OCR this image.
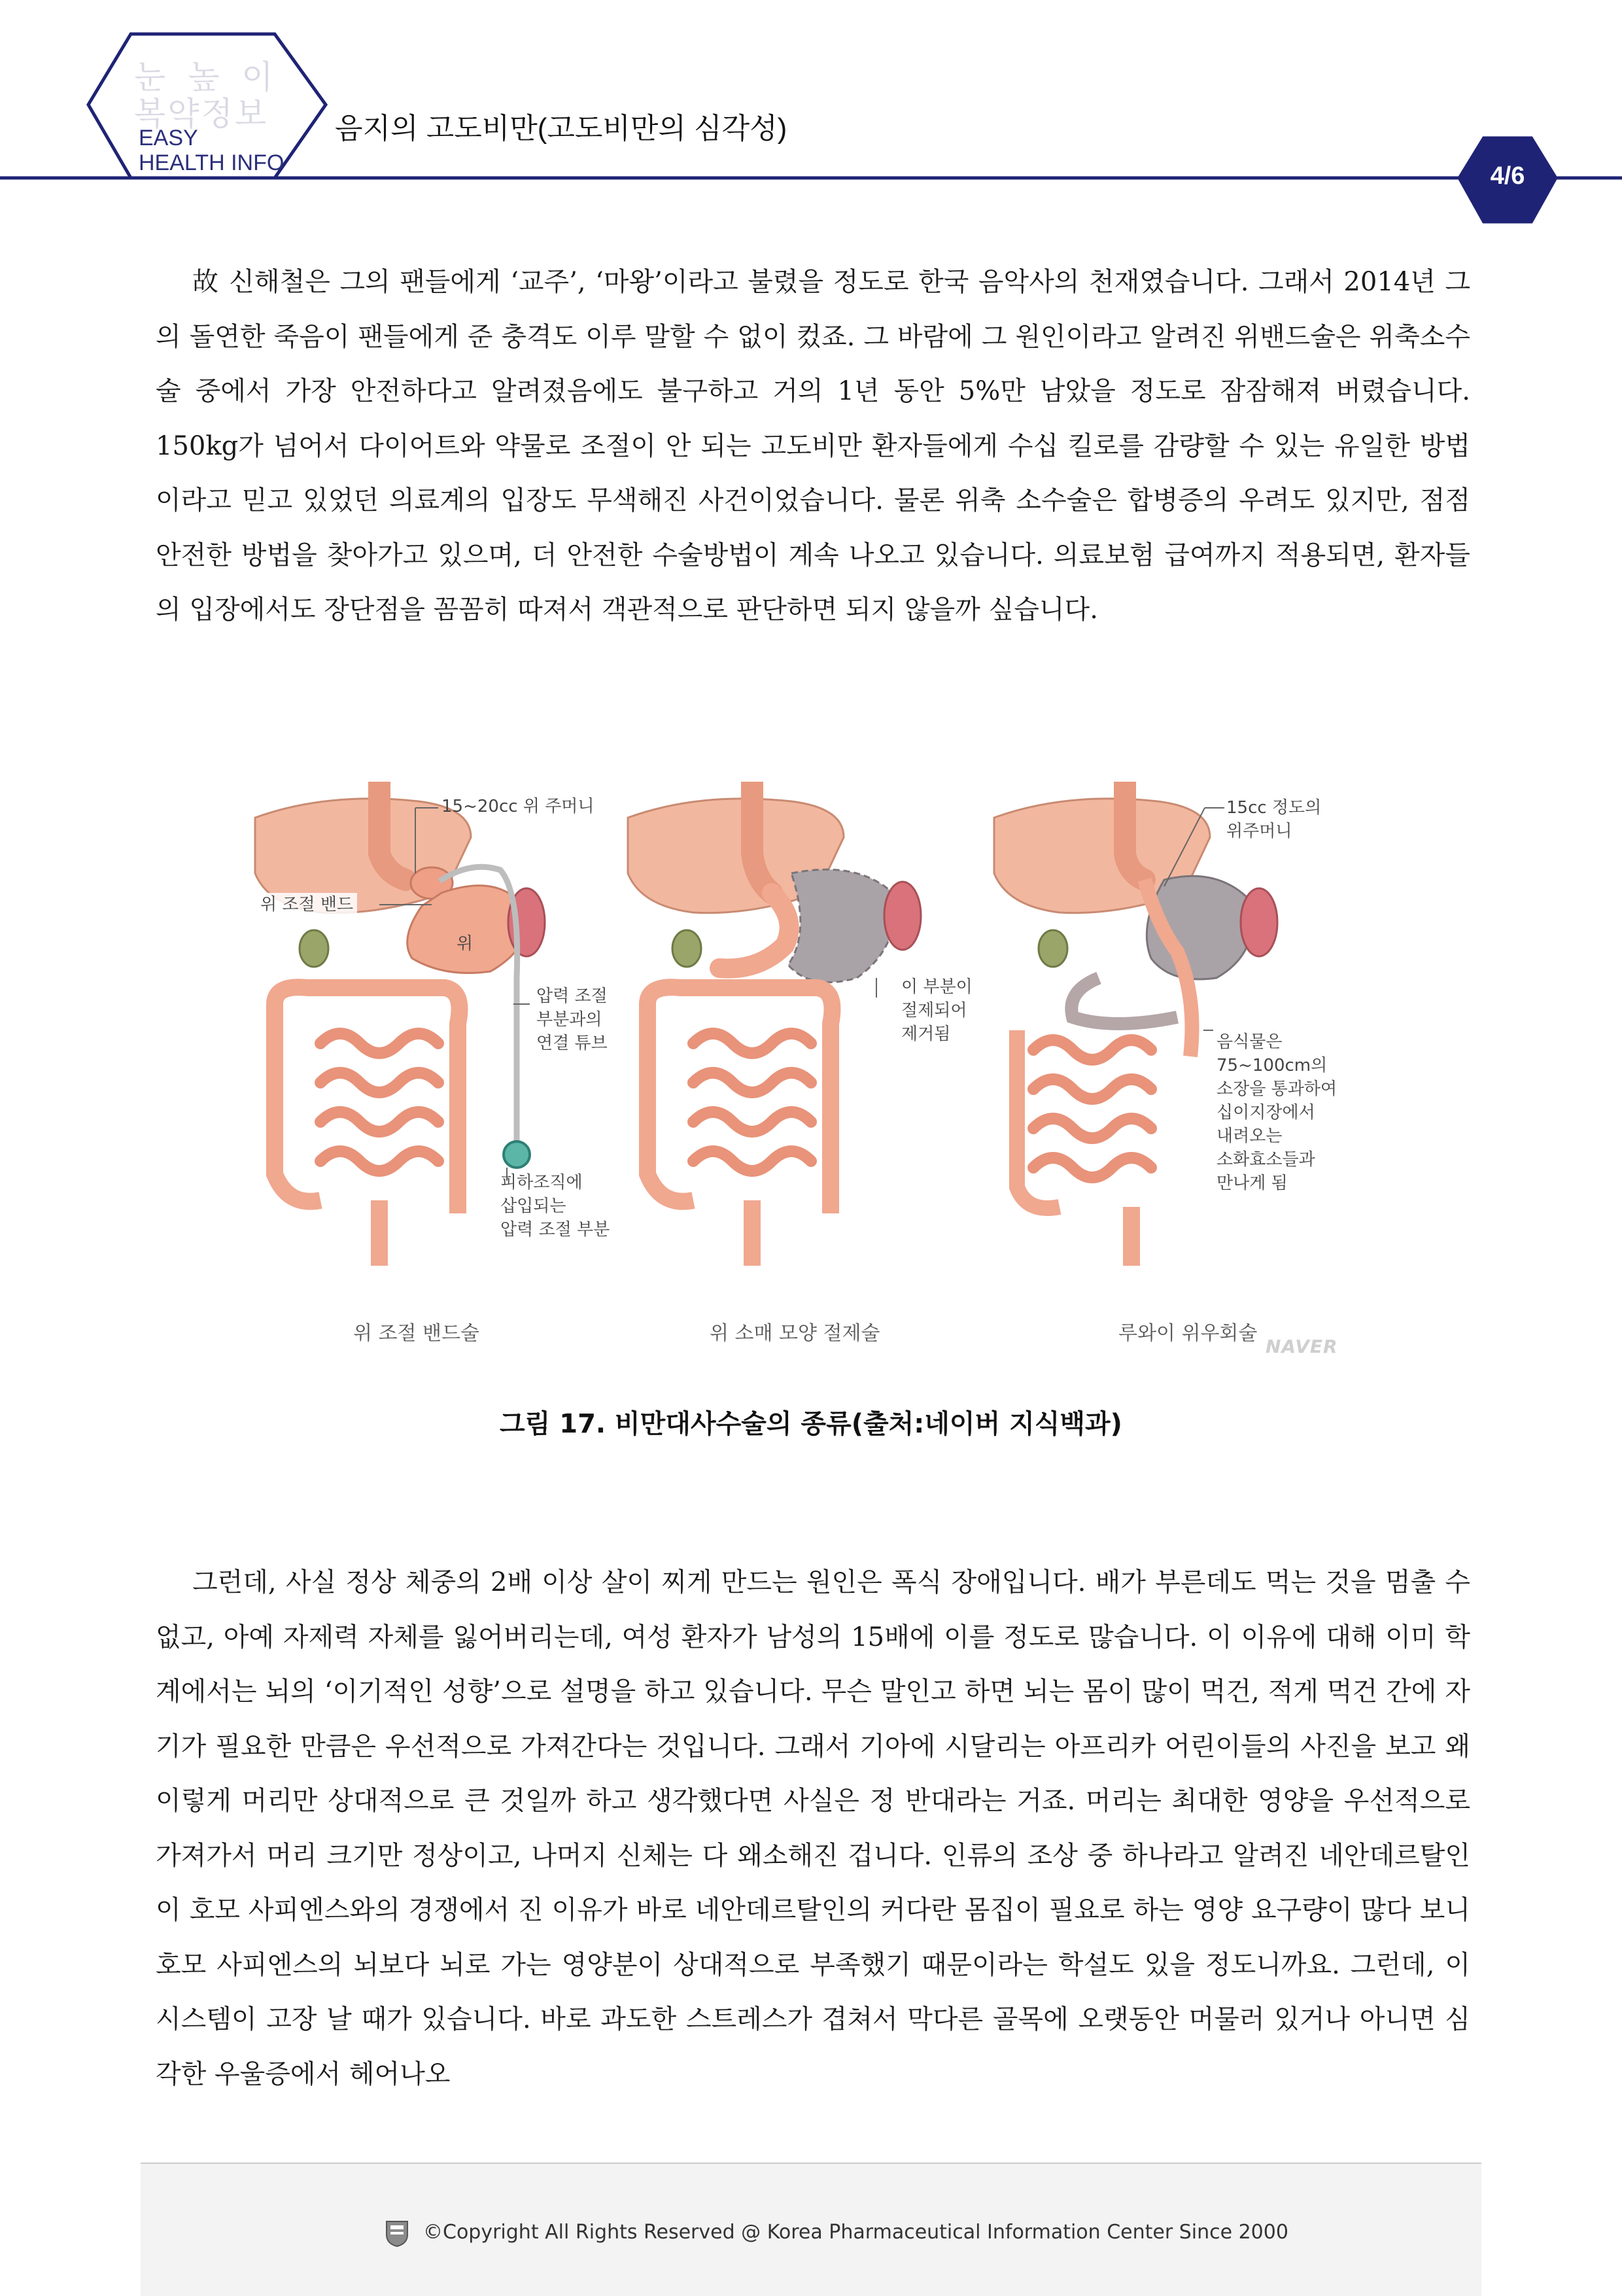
눈 높 이
복약정보
EASY
HEALTH INFO
음지의 고도비만(고도비만의 심각성)
4/6

故 신해철은 그의 팬들에게 ‘교주’, ‘마왕’이라고 불렸을 정도로 한국 음악사의 천재였습니다. 그래서 2014년 그의 돌연한 죽음이 팬들에게 준 충격도 이루 말할 수 없이 컸죠. 그 바람에 그 원인이라고 알려진 위밴드술은 위축소수술 중에서 가장 안전하다고 알려졌음에도 불구하고 거의 1년 동안 5%만 남았을 정도로 잠잠해져 버렸습니다. 150kg가 넘어서 다이어트와 약물로 조절이 안 되는 고도비만 환자들에게 수십 킬로를 감량할 수 있는 유일한 방법이라고 믿고 있었던 의료계의 입장도 무색해진 사건이었습니다. 물론 위축 소수술은 합병증의 우려도 있지만, 점점 안전한 방법을 찾아가고 있으며, 더 안전한 수술방법이 계속 나오고 있습니다. 의료보험 급여까지 적용되면, 환자들의 입장에서도 장단점을 꼼꼼히 따져서 객관적으로 판단하면 되지 않을까 싶습니다.

15~20cc 위 주머니
위 조절 밴드
위
압력 조절
부분과의
연결 튜브
피하조직에
삽입되는
압력 조절 부분
이 부분이
절제되어
제거됨
15cc 정도의
위주머니
음식물은
75~100cm의
소장을 통과하여
십이지장에서
내려오는
소화효소들과
만나게 됨
위 조절 밴드술	위 소매 모양 절제술	루와이 위우회술
NAVER
그림 17. 비만대사수술의 종류(출처:네이버 지식백과)

그런데, 사실 정상 체중의 2배 이상 살이 찌게 만드는 원인은 폭식 장애입니다. 배가 부른데도 먹는 것을 멈출 수 없고, 아예 자제력 자체를 잃어버리는데, 여성 환자가 남성의 15배에 이를 정도로 많습니다. 이 이유에 대해 이미 학계에서는 뇌의 ‘이기적인 성향’으로 설명을 하고 있습니다. 무슨 말인고 하면 뇌는 몸이 많이 먹건, 적게 먹건 간에 자기가 필요한 만큼은 우선적으로 가져간다는 것입니다. 그래서 기아에 시달리는 아프리카 어린이들의 사진을 보고 왜 이렇게 머리만 상대적으로 큰 것일까 하고 생각했다면 사실은 정 반대라는 거죠. 머리는 최대한 영양을 우선적으로 가져가서 머리 크기만 정상이고, 나머지 신체는 다 왜소해진 겁니다. 인류의 조상 중 하나라고 알려진 네안데르탈인이 호모 사피엔스와의 경쟁에서 진 이유가 바로 네안데르탈인의 커다란 몸집이 필요로 하는 영양 요구량이 많다 보니 호모 사피엔스의 뇌보다 뇌로 가는 영양분이 상대적으로 부족했기 때문이라는 학설도 있을 정도니까요. 그런데, 이 시스템이 고장 날 때가 있습니다. 바로 과도한 스트레스가 겹쳐서 막다른 골목에 오랫동안 머물러 있거나 아니면 심각한 우울증에서 헤어나오

©Copyright All Rights Reserved @ Korea Pharmaceutical Information Center Since 2000
